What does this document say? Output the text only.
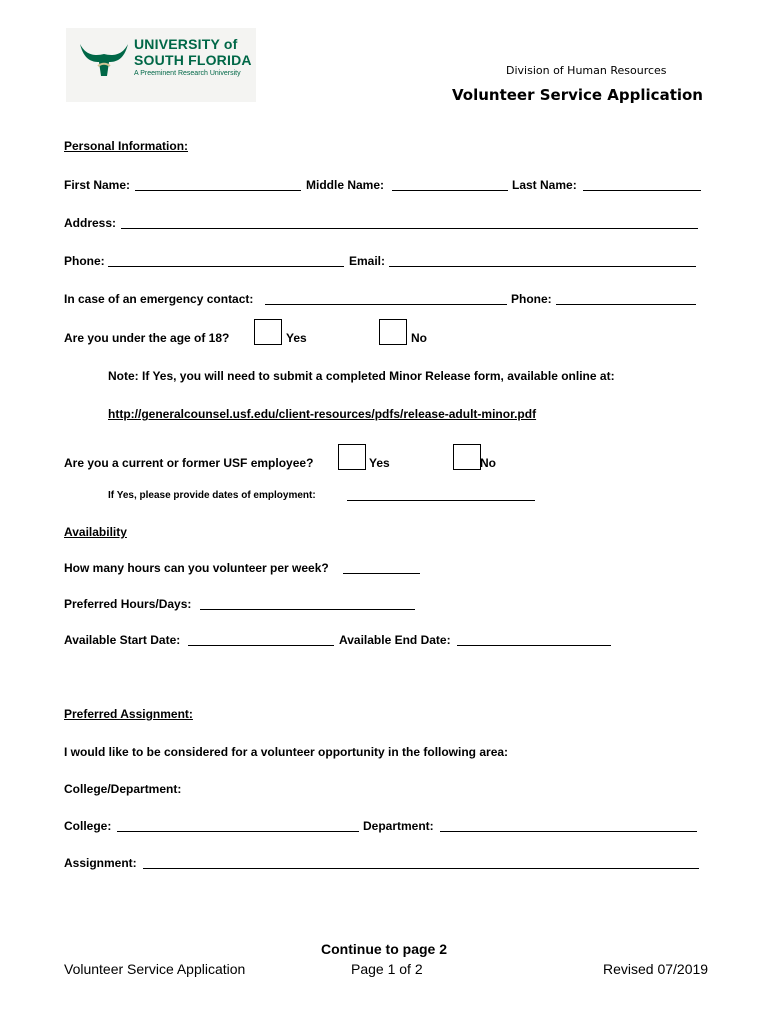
UNIVERSITY of
SOUTH FLORIDA
A Preeminent Research University	Division of Human Resources
Volunteer Service Application
Personal Information:
First Name:	Middle Name:	Last Name:
Address:
Phone:	Email:
In case of an emergency contact:	Phone:
Are you under the age of 18?	Yes	No
Note: If Yes, you will need to submit a completed Minor Release form, available online at:
http://generalcounsel.usf.edu/client-resources/pdfs/release-adult-minor.pdf
Are you a current or former USF employee?	Yes	No
If Yes, please provide dates of employment:
Availability
How many hours can you volunteer per week?
Preferred Hours/Days:
Available Start Date:	Available End Date:
Preferred Assignment:
I would like to be considered for a volunteer opportunity in the following area:
College/Department:
College:	Department:
Assignment:
Continue to page 2
Volunteer Service Application	Page 1 of 2	Revised 07/2019
